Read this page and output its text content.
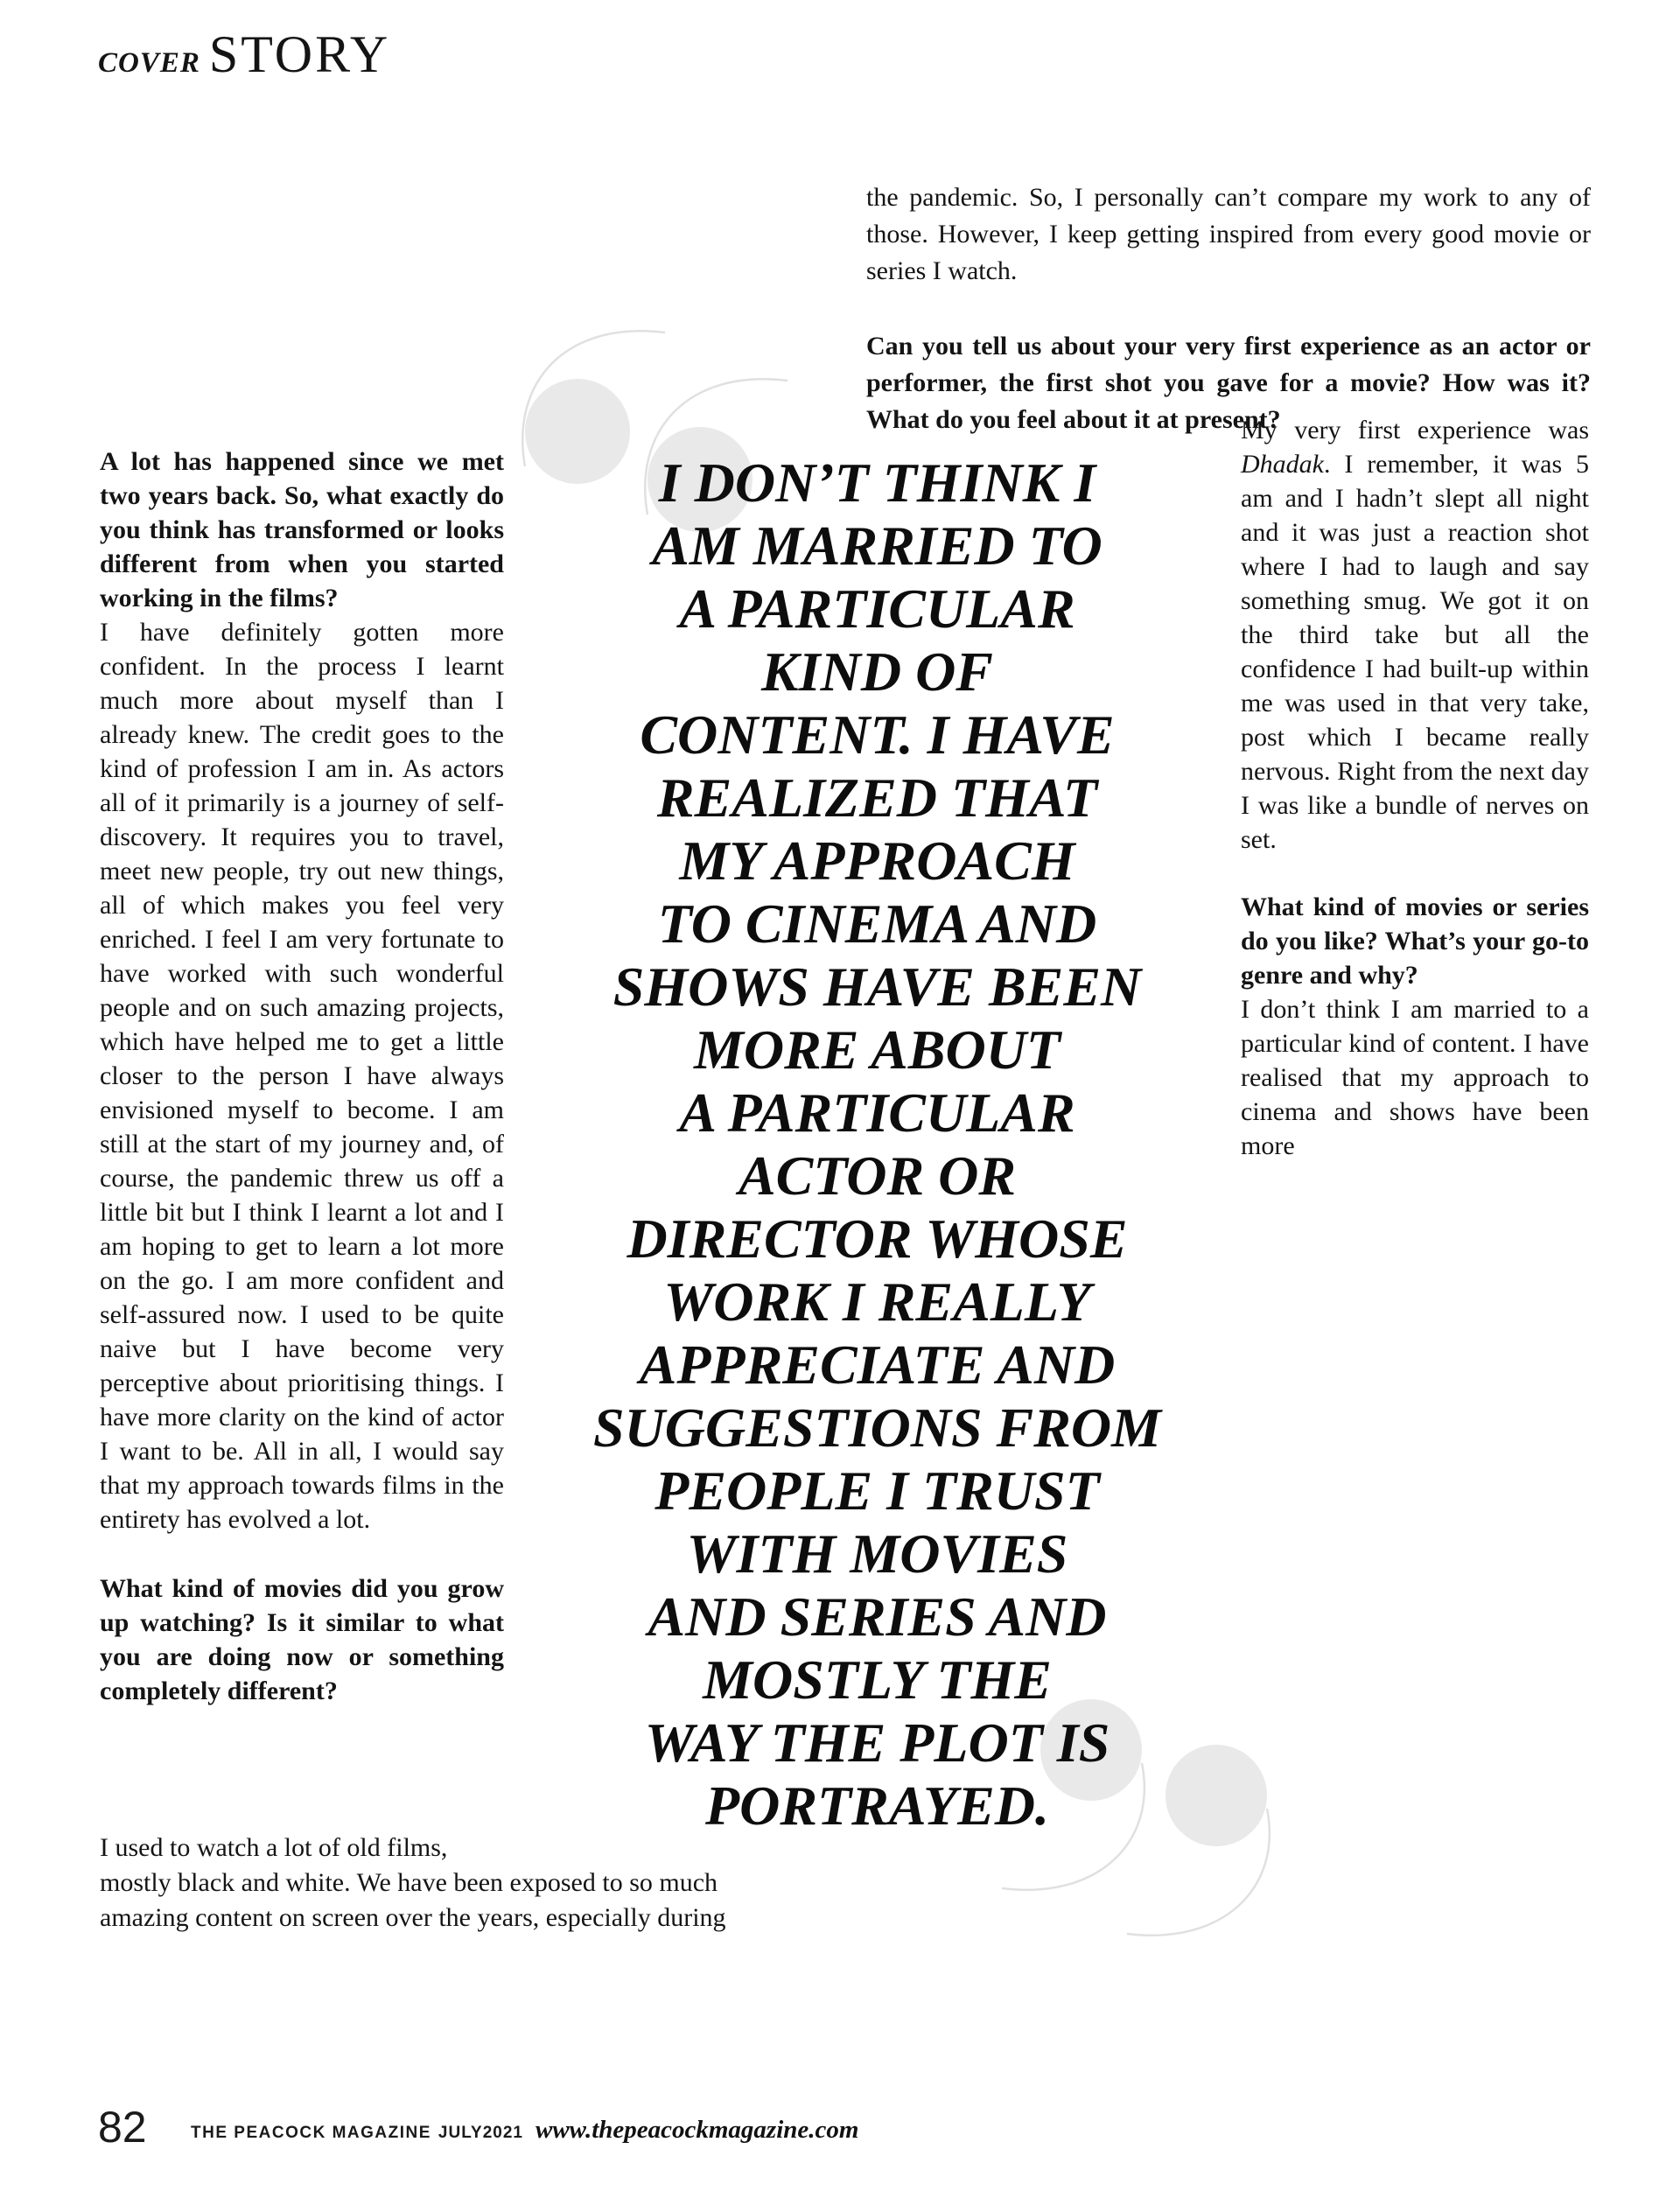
COVER STORY

the pandemic. So, I personally can’t compare my work to any of those. However, I keep getting inspired from every good movie or series I watch.

Can you tell us about your very first experience as an actor or performer, the first shot you gave for a movie? How was it? What do you feel about it at present?

I DON’T THINK I
AM MARRIED TO
A PARTICULAR
KIND OF
CONTENT. I HAVE
REALIZED THAT
MY APPROACH
TO CINEMA AND
SHOWS HAVE BEEN
MORE ABOUT
A PARTICULAR
ACTOR OR
DIRECTOR WHOSE
WORK I REALLY
APPRECIATE AND
SUGGESTIONS FROM
PEOPLE I TRUST
WITH MOVIES
AND SERIES AND
MOSTLY THE
WAY THE PLOT IS
PORTRAYED.

A lot has happened since we met two years back. So, what exactly do you think has transformed or looks different from when you started working in the films?

I have definitely gotten more confident. In the process I learnt much more about myself than I already knew. The credit goes to the kind of profession I am in. As actors all of it primarily is a journey of self-discovery. It requires you to travel, meet new people, try out new things, all of which makes you feel very enriched. I feel I am very fortunate to have worked with such wonderful people and on such amazing projects, which have helped me to get a little closer to the person I have always envisioned myself to become. I am still at the start of my journey and, of course, the pandemic threw us off a little bit but I think I learnt a lot and I am hoping to get to learn a lot more on the go. I am more confident and self-assured now. I used to be quite naive but I have become very perceptive about prioritising things. I have more clarity on the kind of actor I want to be. All in all, I would say that my approach towards films in the entirety has evolved a lot.

What kind of movies did you grow up watching? Is it similar to what you are doing now or something completely different?

I used to watch a lot of old films,
mostly black and white. We have been exposed to so much
amazing content on screen over the years, especially during

My very first experience was Dhadak. I remember, it was 5 am and I hadn’t slept all night and it was just a reaction shot where I had to laugh and say something smug. We got it on the third take but all the confidence I had built-up within me was used in that very take, post which I became really nervous. Right from the next day I was like a bundle of nerves on set.

What kind of movies or series do you like? What’s your go-to genre and why?

I don’t think I am married to a particular kind of content. I have realised that my approach to cinema and shows have been more

82	THE PEACOCK MAGAZINE JULY2021 www.thepeacockmagazine.com
